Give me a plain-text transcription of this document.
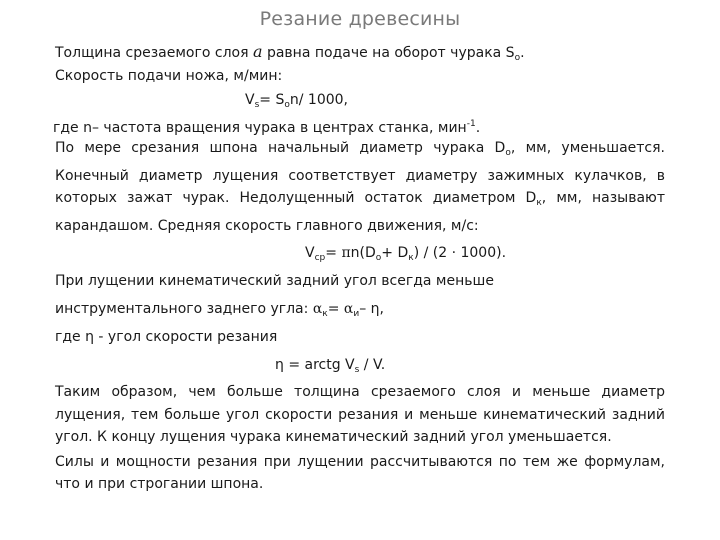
Резание древесины
Толщина срезаемого слоя a равна подаче на оборот чурака $S_o$.
Скорость подачи ножа, м/мин:
$V_s= S_on/$ 1000,
где n– частота вращения чурака в центрах станка, мин$^{-1}$.
По мере срезания шпона начальный диаметр чурака $D_o$, мм, уменьшается. Конечный диаметр лущения соответствует диаметру зажимных кулачков, в которых зажат чурак. Недолущенный остаток диаметром $D_к$, мм, называют карандашом. Средняя скорость главного движения, м/с:
$V_{ср}= \pi n(D_o+ D_к) / (2 \cdot 1000)$.
При лущении кинематический задний угол всегда меньше
инструментального заднего угла: $\alpha_к= \alpha_и-$ η,
где η - угол скорости резания
η = arctg $V_s$ / V.
Таким образом, чем больше толщина срезаемого слоя и меньше диаметр лущения, тем больше угол скорости резания и меньше кинематический задний угол. К концу лущения чурака кинематический задний угол уменьшается.
Силы и мощности резания при лущении рассчитываются по тем же формулам, что и при строгании шпона.
